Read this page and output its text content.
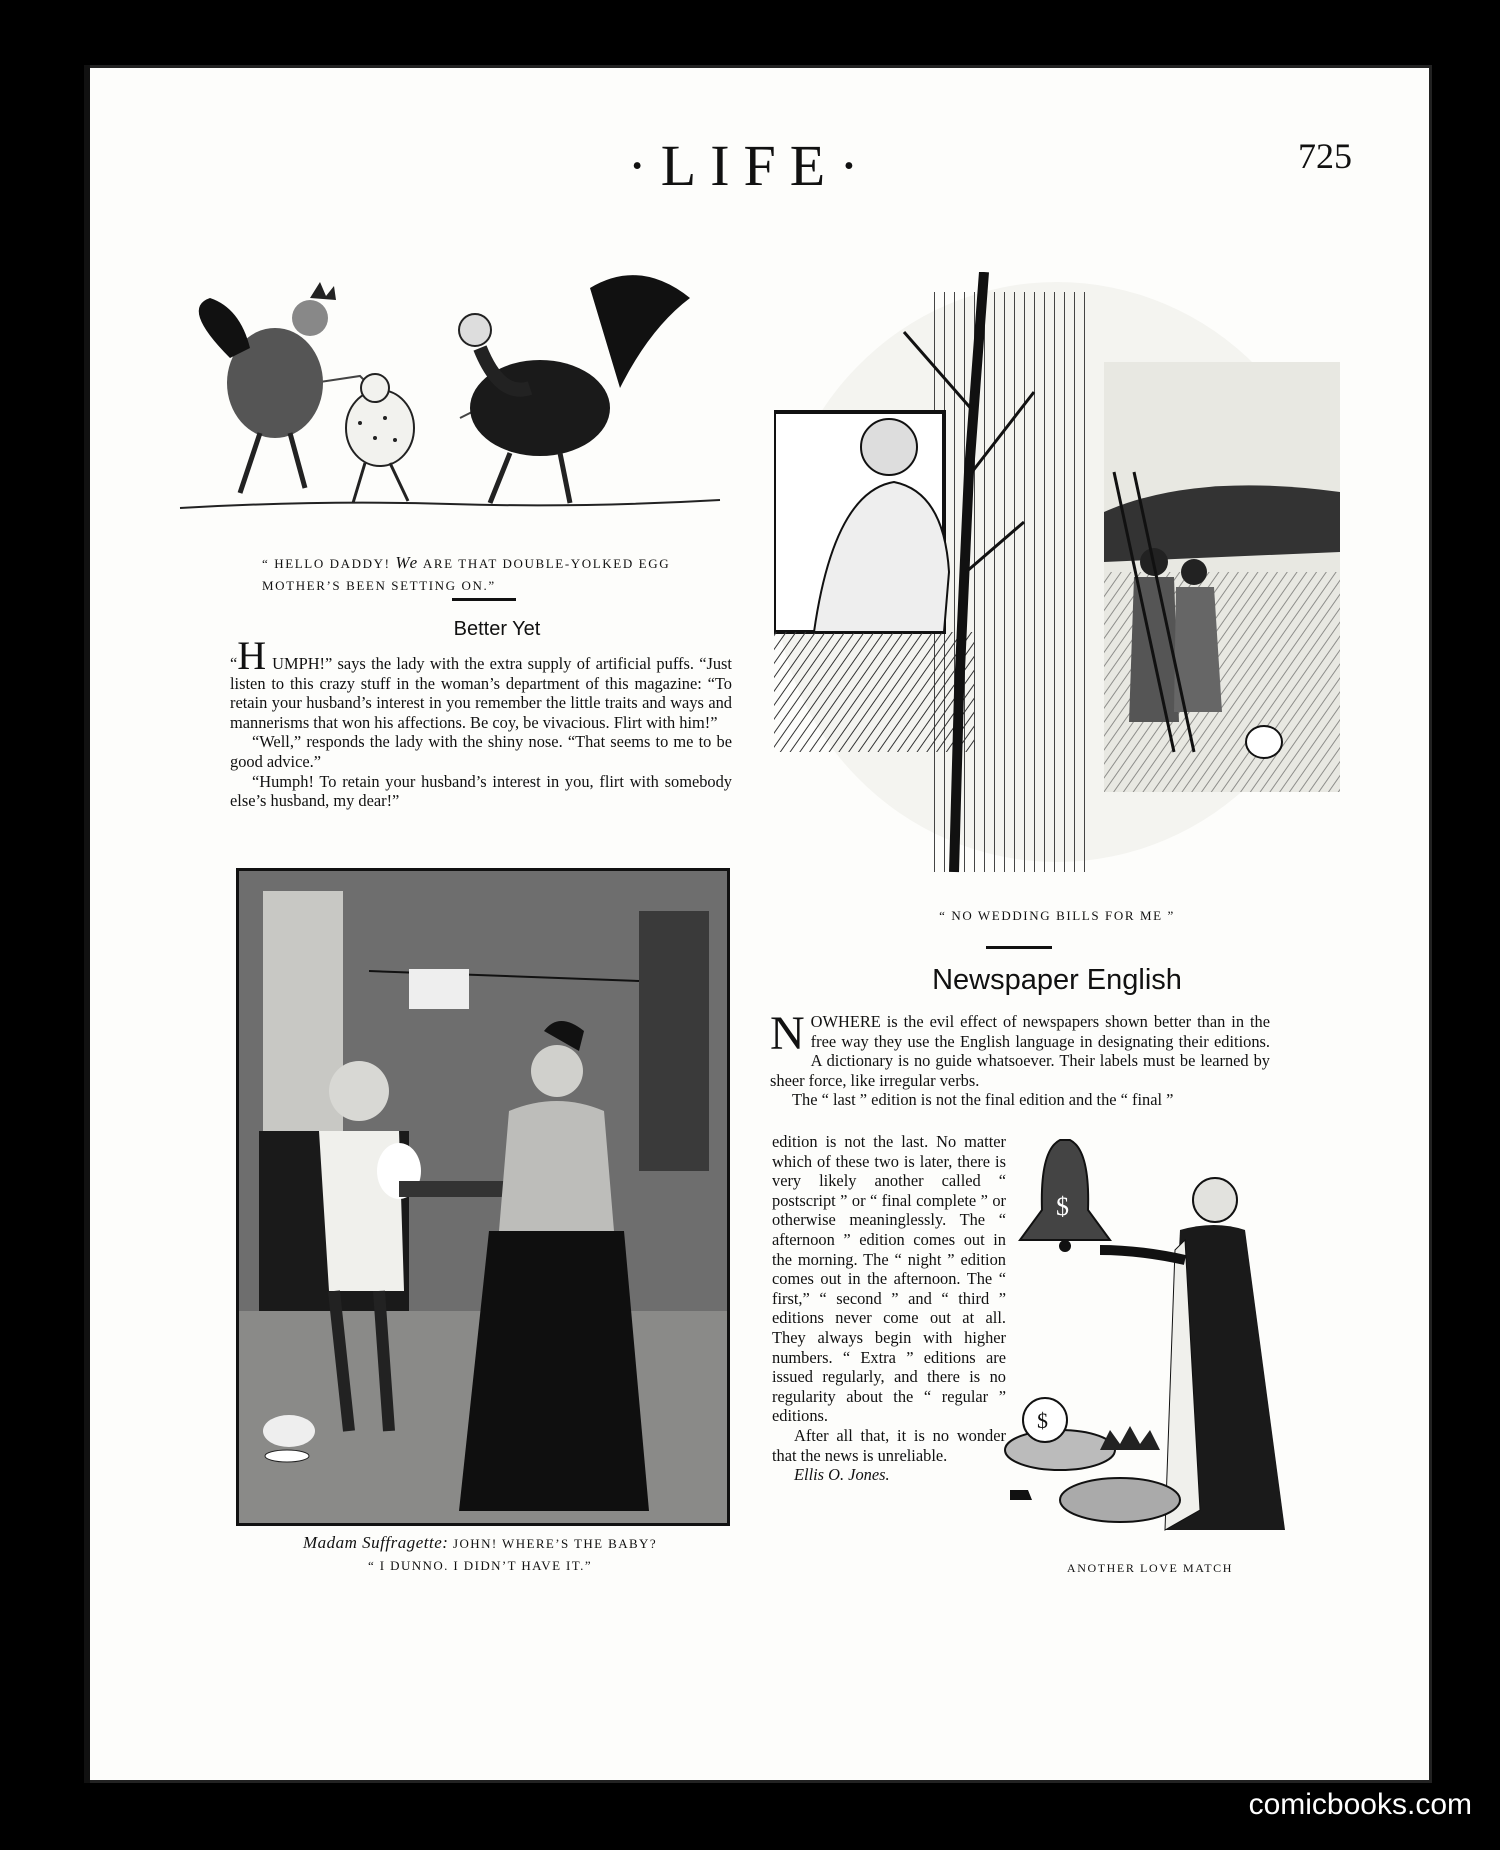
·LIFE·	725
“ HELLO DADDY! We ARE THAT DOUBLE-YOLKED EGG MOTHER’S BEEN SETTING ON.”
Better Yet

“H UMPH!” says the lady with the extra supply of artificial puffs. “Just listen to this crazy stuff in the woman’s department of this magazine: “To retain your husband’s interest in you remember the little traits and ways and mannerisms that won his affections. Be coy, be vivacious. Flirt with him!”

“Well,” responds the lady with the shiny nose. “That seems to me to be good advice.”

“Humph! To retain your husband’s interest in you, flirt with somebody else’s husband, my dear!”

“ NO WEDDING BILLS FOR ME ”
Madam Suffragette: JOHN! WHERE’S THE BABY?
“ I DUNNO. I DIDN’T HAVE IT.”
Newspaper English

NOWHERE is the evil effect of newspapers shown better than in the free way they use the English language in designating their editions. A dictionary is no guide whatsoever. Their labels must be learned by sheer force, like irregular verbs.

The “ last ” edition is not the final edition and the “ final ”

edition is not the last. No matter which of these two is later, there is very likely another called “ postscript ” or “ final complete ” or otherwise meaninglessly. The “ afternoon ” edition comes out in the morning. The “ night ” edition comes out in the afternoon. The “ first,” “ second ” and “ third ” editions never come out at all. They always begin with higher numbers. “ Extra ” editions are issued regularly, and there is no regularity about the “ regular ” editions.

After all that, it is no wonder that the news is unreliable.

Ellis O. Jones.

$
$
ANOTHER LOVE MATCH
comicbooks.com
